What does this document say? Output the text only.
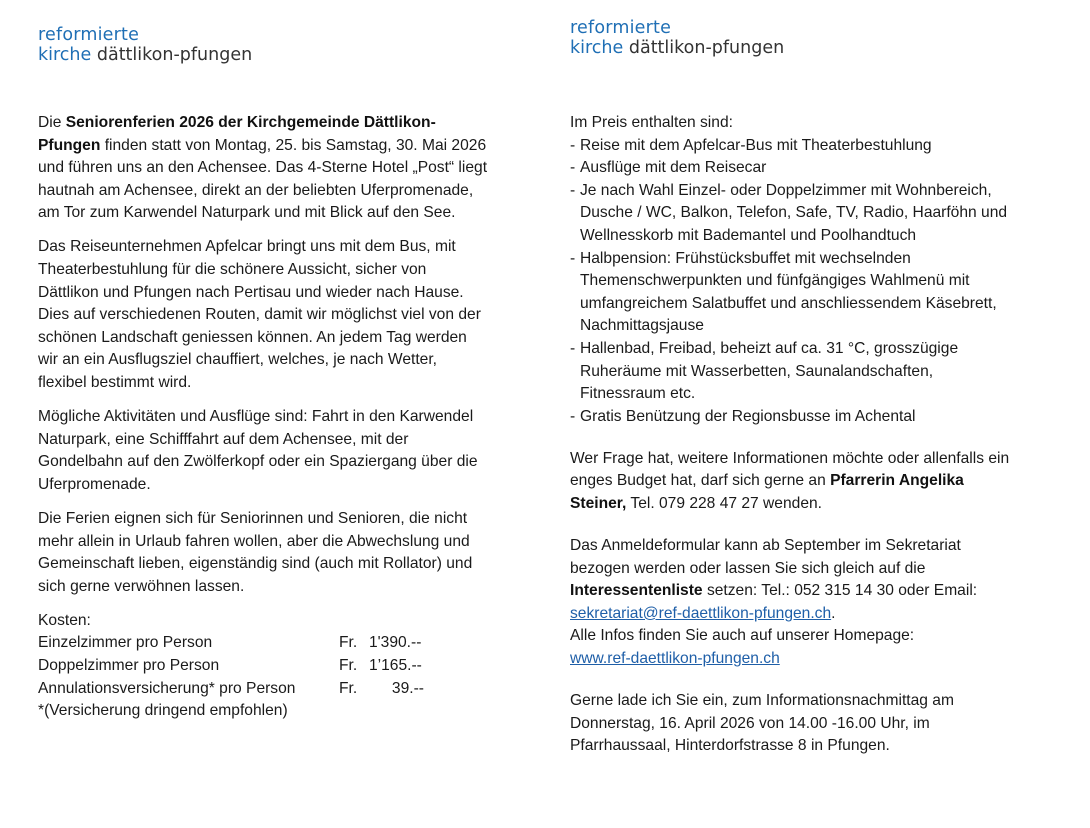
reformierte
kirche dättlikon-pfungen

Die Seniorenferien 2026 der Kirchgemeinde Dättlikon-Pfungen finden statt von Montag, 25. bis Samstag, 30. Mai 2026 und führen uns an den Achensee. Das 4-Sterne Hotel „Post“ liegt hautnah am Achensee, direkt an der beliebten Uferpromenade, am Tor zum Karwendel Naturpark und mit Blick auf den See.

Das Reiseunternehmen Apfelcar bringt uns mit dem Bus, mit Theaterbestuhlung für die schönere Aussicht, sicher von Dättlikon und Pfungen nach Pertisau und wieder nach Hause. Dies auf verschiedenen Routen, damit wir möglichst viel von der schönen Landschaft geniessen können. An jedem Tag werden wir an ein Ausflugsziel chauffiert, welches, je nach Wetter, flexibel bestimmt wird.

Mögliche Aktivitäten und Ausflüge sind: Fahrt in den Karwendel Naturpark, eine Schifffahrt auf dem Achensee, mit der Gondelbahn auf den Zwölferkopf oder ein Spaziergang über die Uferpromenade.

Die Ferien eignen sich für Seniorinnen und Senioren, die nicht mehr allein in Urlaub fahren wollen, aber die Abwechslung und Gemeinschaft lieben, eigenständig sind (auch mit Rollator) und sich gerne verwöhnen lassen.

Kosten:
Einzelzimmer pro Person	Fr. 1'390.--
Doppelzimmer pro Person	Fr. 1’165.--
Annulationsversicherung* pro Person	Fr.	39.--
*(Versicherung dringend empfohlen)
reformierte
kirche dättlikon-pfungen
Im Preis enthalten sind:
- Reise mit dem Apfelcar-Bus mit Theaterbestuhlung
- Ausflüge mit dem Reisecar
- Je nach Wahl Einzel- oder Doppelzimmer mit Wohnbereich, Dusche / WC, Balkon, Telefon, Safe, TV, Radio, Haarföhn und Wellnesskorb mit Bademantel und Poolhandtuch
- Halbpension: Frühstücksbuffet mit wechselnden Themenschwerpunkten und fünfgängiges Wahlmenü mit umfangreichem Salatbuffet und anschliessendem Käsebrett, Nachmittagsjause
- Hallenbad, Freibad, beheizt auf ca. 31 °C, grosszügige Ruheräume mit Wasserbetten, Saunalandschaften, Fitnessraum etc.
- Gratis Benützung der Regionsbusse im Achental

Wer Frage hat, weitere Informationen möchte oder allenfalls ein enges Budget hat, darf sich gerne an Pfarrerin Angelika Steiner, Tel. 079 228 47 27 wenden.

Das Anmeldeformular kann ab September im Sekretariat bezogen werden oder lassen Sie sich gleich auf die Interessentenliste setzen: Tel.: 052 315 14 30 oder Email: sekretariat@ref-daettlikon-pfungen.ch.
Alle Infos finden Sie auch auf unserer Homepage:
www.ref-daettlikon-pfungen.ch

Gerne lade ich Sie ein, zum Informationsnachmittag am Donnerstag, 16. April 2026 von 14.00 -16.00 Uhr, im Pfarrhaussaal, Hinterdorfstrasse 8 in Pfungen.
